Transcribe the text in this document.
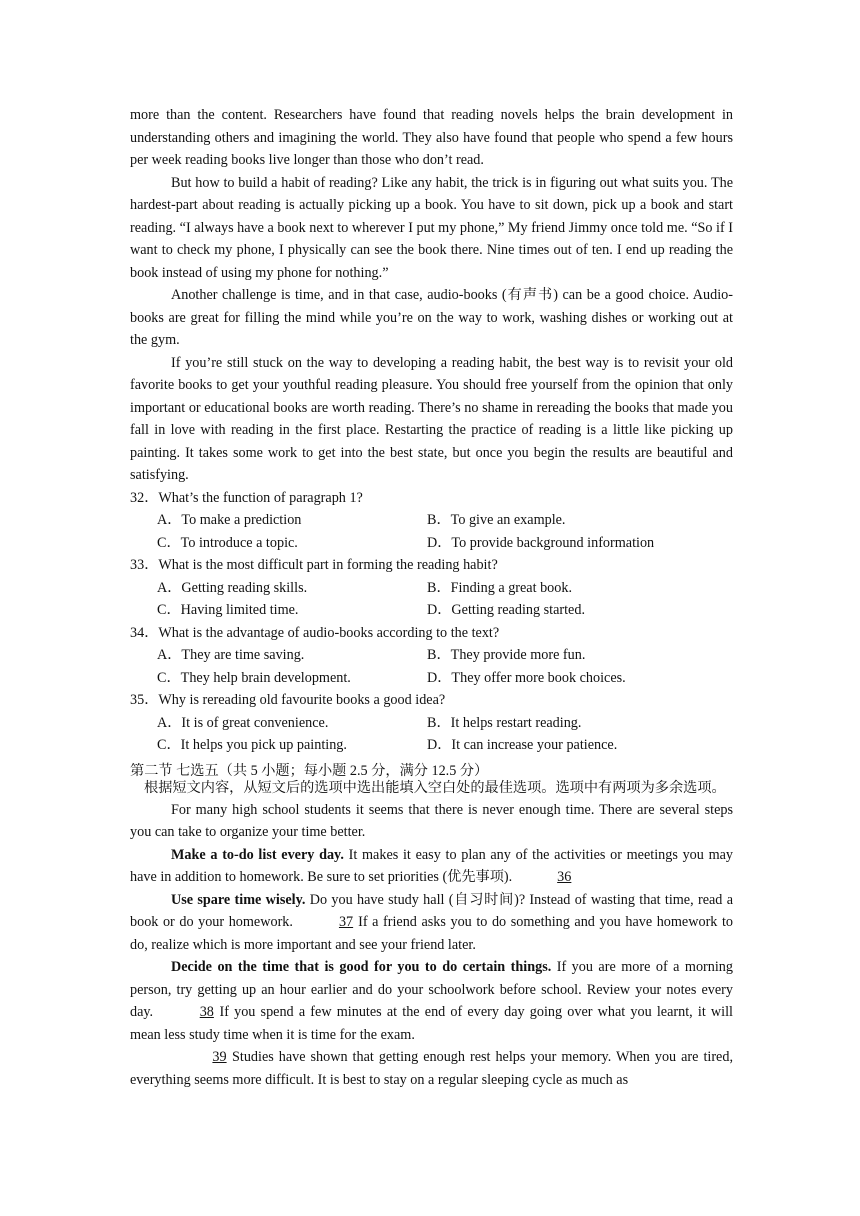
more than the content. Researchers have found that reading novels helps the brain development in understanding others and imagining the world. They also have found that people who spend a few hours per week reading books live longer than those who don’t read.

But how to build a habit of reading? Like any habit, the trick is in figuring out what suits you. The hardest-part about reading is actually picking up a book. You have to sit down, pick up a book and start reading. “I always have a book next to wherever I put my phone,” My friend Jimmy once told me. “So if I want to check my phone, I physically can see the book there. Nine times out of ten. I end up reading the book instead of using my phone for nothing.”

Another challenge is time, and in that case, audio-books (有声书) can be a good choice. Audio-books are great for filling the mind while you’re on the way to work, washing dishes or working out at the gym.

If you’re still stuck on the way to developing a reading habit, the best way is to revisit your old favorite books to get your youthful reading pleasure. You should free yourself from the opinion that only important or educational books are worth reading. There’s no shame in rereading the books that made you fall in love with reading in the first place. Restarting the practice of reading is a little like picking up painting. It takes some work to get into the best state, but once you begin the results are beautiful and satisfying.

32．What’s the function of paragraph 1?

A．To make a prediction	B．To give an example.
C．To introduce a topic.	D．To provide background information

33．What is the most difficult part in forming the reading habit?

A．Getting reading skills.	B．Finding a great book.
C．Having limited time.	D．Getting reading started.

34．What is the advantage of audio-books according to the text?

A．They are time saving.	B．They provide more fun.
C．They help brain development.	D．They offer more book choices.

35．Why is rereading old favourite books a good idea?

A．It is of great convenience.	B．It helps restart reading.
C．It helps you pick up painting.	D．It can increase your patience.
第二节 七选五（共 5 小题；每小题 2.5 分，满分 12.5 分）

根据短文内容，从短文后的选项中选出能填入空白处的最佳选项。选项中有两项为多余选项。

For many high school students it seems that there is never enough time. There are several steps you can take to organize your time better.

Make a to-do list every day. It makes it easy to plan any of the activities or meetings you may have in addition to homework. Be sure to set priorities (优先事项).	36

Use spare time wisely. Do you have study hall (自习时间)? Instead of wasting that time, read a book or do your homework.	37 If a friend asks you to do something and you have homework to do, realize which is more important and see your friend later.

Decide on the time that is good for you to do certain things. If you are more of a morning person, try getting up an hour earlier and do your schoolwork before school. Review your notes every day.	38 If you spend a few minutes at the end of every day going over what you learnt, it will mean less study time when it is time for the exam.

39 Studies have shown that getting enough rest helps your memory. When you are tired, everything seems more difficult. It is best to stay on a regular sleeping cycle as much as
